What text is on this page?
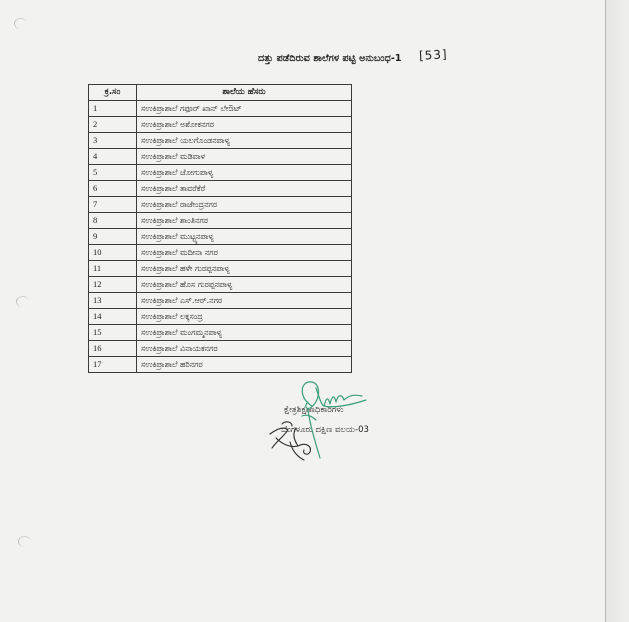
ದತ್ತು ಪಡೆದಿರುವ ಶಾಲೆಗಳ ಪಟ್ಟಿ ಅನುಬಂಧ-1 [53]
ಕ್ರ.ಸಂ	ಶಾಲೆಯ ಹೆಸರು
1	ಸಉಕಿಪ್ರಾಶಾಲೆ ಗಫೂರ್ ಖಾನ್ ಲೇಔಟ್
2	ಸಉಕಿಪ್ರಾಶಾಲೆ ಅಶೋಕನಗರ
3	ಸಉಕಿಪ್ರಾಶಾಲೆ ಯಲಗೊಂಡನಪಾಳ್ಯ
4	ಸಉಕಿಪ್ರಾಶಾಲೆ ಮಡಿವಾಳ
5	ಸಉಕಿಪ್ರಾಶಾಲೆ ಜೋಗುಪಾಳ್ಯ
6	ಸಉಕಿಪ್ರಾಶಾಲೆ ತಾವರೆಕೆರೆ
7	ಸಉಕಿಪ್ರಾಶಾಲೆ ರಾಜೇಂದ್ರನಗರ
8	ಸಉಕಿಪ್ರಾಶಾಲೆ ಶಾಂತಿನಗರ
9	ಸಉಕಿಪ್ರಾಶಾಲೆ ಮುಟ್ಟ್ಯನಪಾಳ್ಯ
10	ಸಉಕಿಪ್ರಾಶಾಲೆ ಮದೀನಾ ನಗರ
11	ಸಉಕಿಪ್ರಾಶಾಲೆ ಹಳೇ ಗುರಪ್ಪನಪಾಳ್ಯ
12	ಸಉಕಿಪ್ರಾಶಾಲೆ ಹೊಸ ಗುರಪ್ಪನಪಾಳ್ಯ
13	ಸಉಕಿಪ್ರಾಶಾಲೆ ಎಸ್.ಆರ್.ನಗರ
14	ಸಉಕಿಪ್ರಾಶಾಲೆ ಲಕ್ಕಸಂದ್ರ
15	ಸಉಕಿಪ್ರಾಶಾಲೆ ಮಂಗಮ್ಮನಪಾಳ್ಯ
16	ಸಉಕಿಪ್ರಾಶಾಲೆ ವಿನಾಯಕನಗರ
17	ಸಉಕಿಪ್ರಾಶಾಲೆ ಹರಿನಗರ
ಕ್ಷೇತ್ರಶಿಕ್ಷಣಾಧಿಕಾರಿಗಳು
ಬೆಂಗಳೂರು ದಕ್ಷಿಣ ವಲಯ-03
